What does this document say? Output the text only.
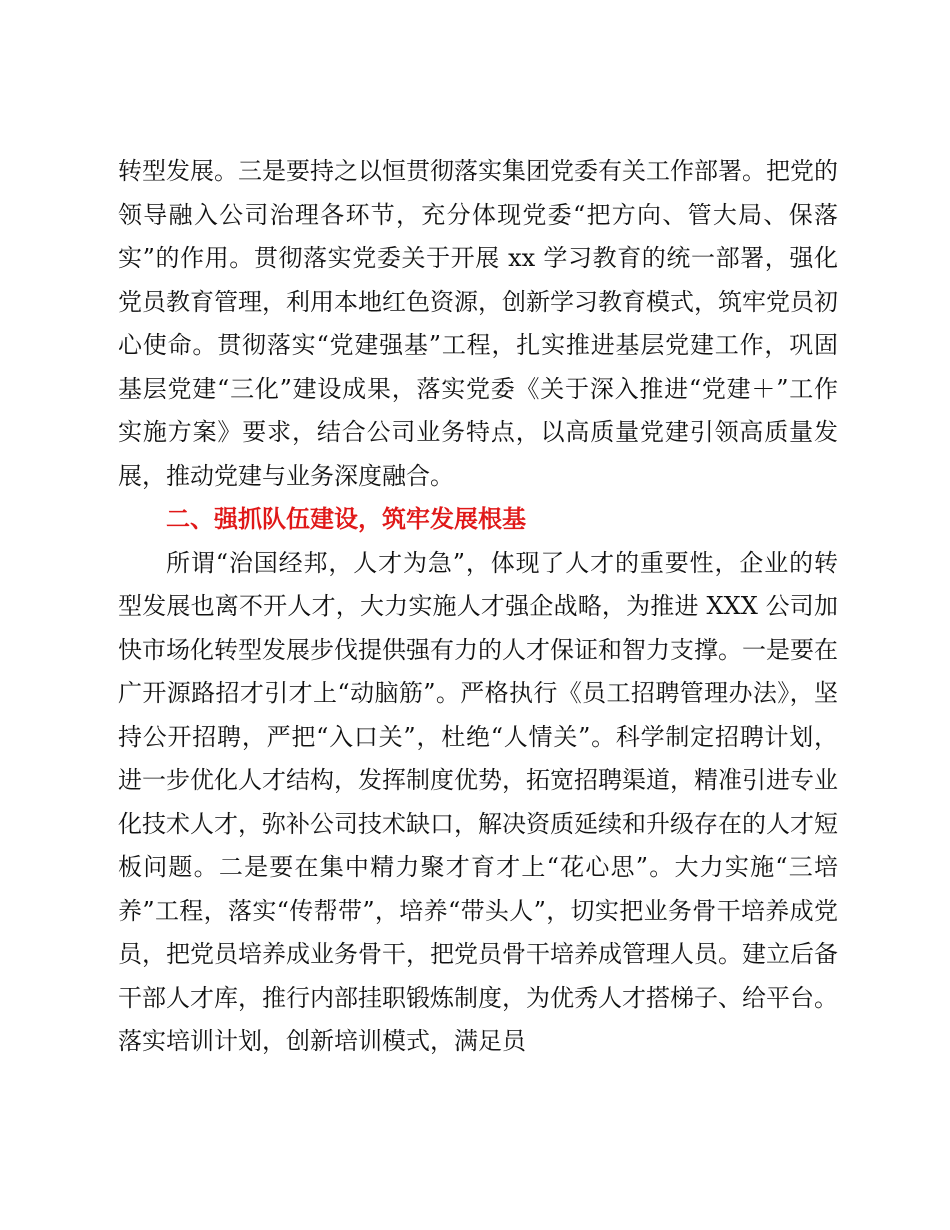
转型发展。三是要持之以恒贯彻落实集团党委有关工作部署。把党的领导融入公司治理各环节，充分体现党委“把方向、管大局、保落实”的作用。贯彻落实党委关于开展 xx 学习教育的统一部署，强化党员教育管理，利用本地红色资源，创新学习教育模式，筑牢党员初心使命。贯彻落实“党建强基”工程，扎实推进基层党建工作，巩固基层党建“三化”建设成果，落实党委《关于深入推进“党建＋”工作实施方案》要求，结合公司业务特点，以高质量党建引领高质量发展，推动党建与业务深度融合。

二、强抓队伍建设，筑牢发展根基

所谓“治国经邦，人才为急”，体现了人才的重要性，企业的转型发展也离不开人才，大力实施人才强企战略，为推进 XXX 公司加快市场化转型发展步伐提供强有力的人才保证和智力支撑。一是要在广开源路招才引才上“动脑筋”。严格执行《员工招聘管理办法》，坚持公开招聘，严把“入口关”，杜绝“人情关”。科学制定招聘计划，进一步优化人才结构，发挥制度优势，拓宽招聘渠道，精准引进专业化技术人才，弥补公司技术缺口，解决资质延续和升级存在的人才短板问题。二是要在集中精力聚才育才上“花心思”。大力实施“三培养”工程，落实“传帮带”，培养“带头人”，切实把业务骨干培养成党员，把党员培养成业务骨干，把党员骨干培养成管理人员。建立后备干部人才库，推行内部挂职锻炼制度，为优秀人才搭梯子、给平台。落实培训计划，创新培训模式，满足员
